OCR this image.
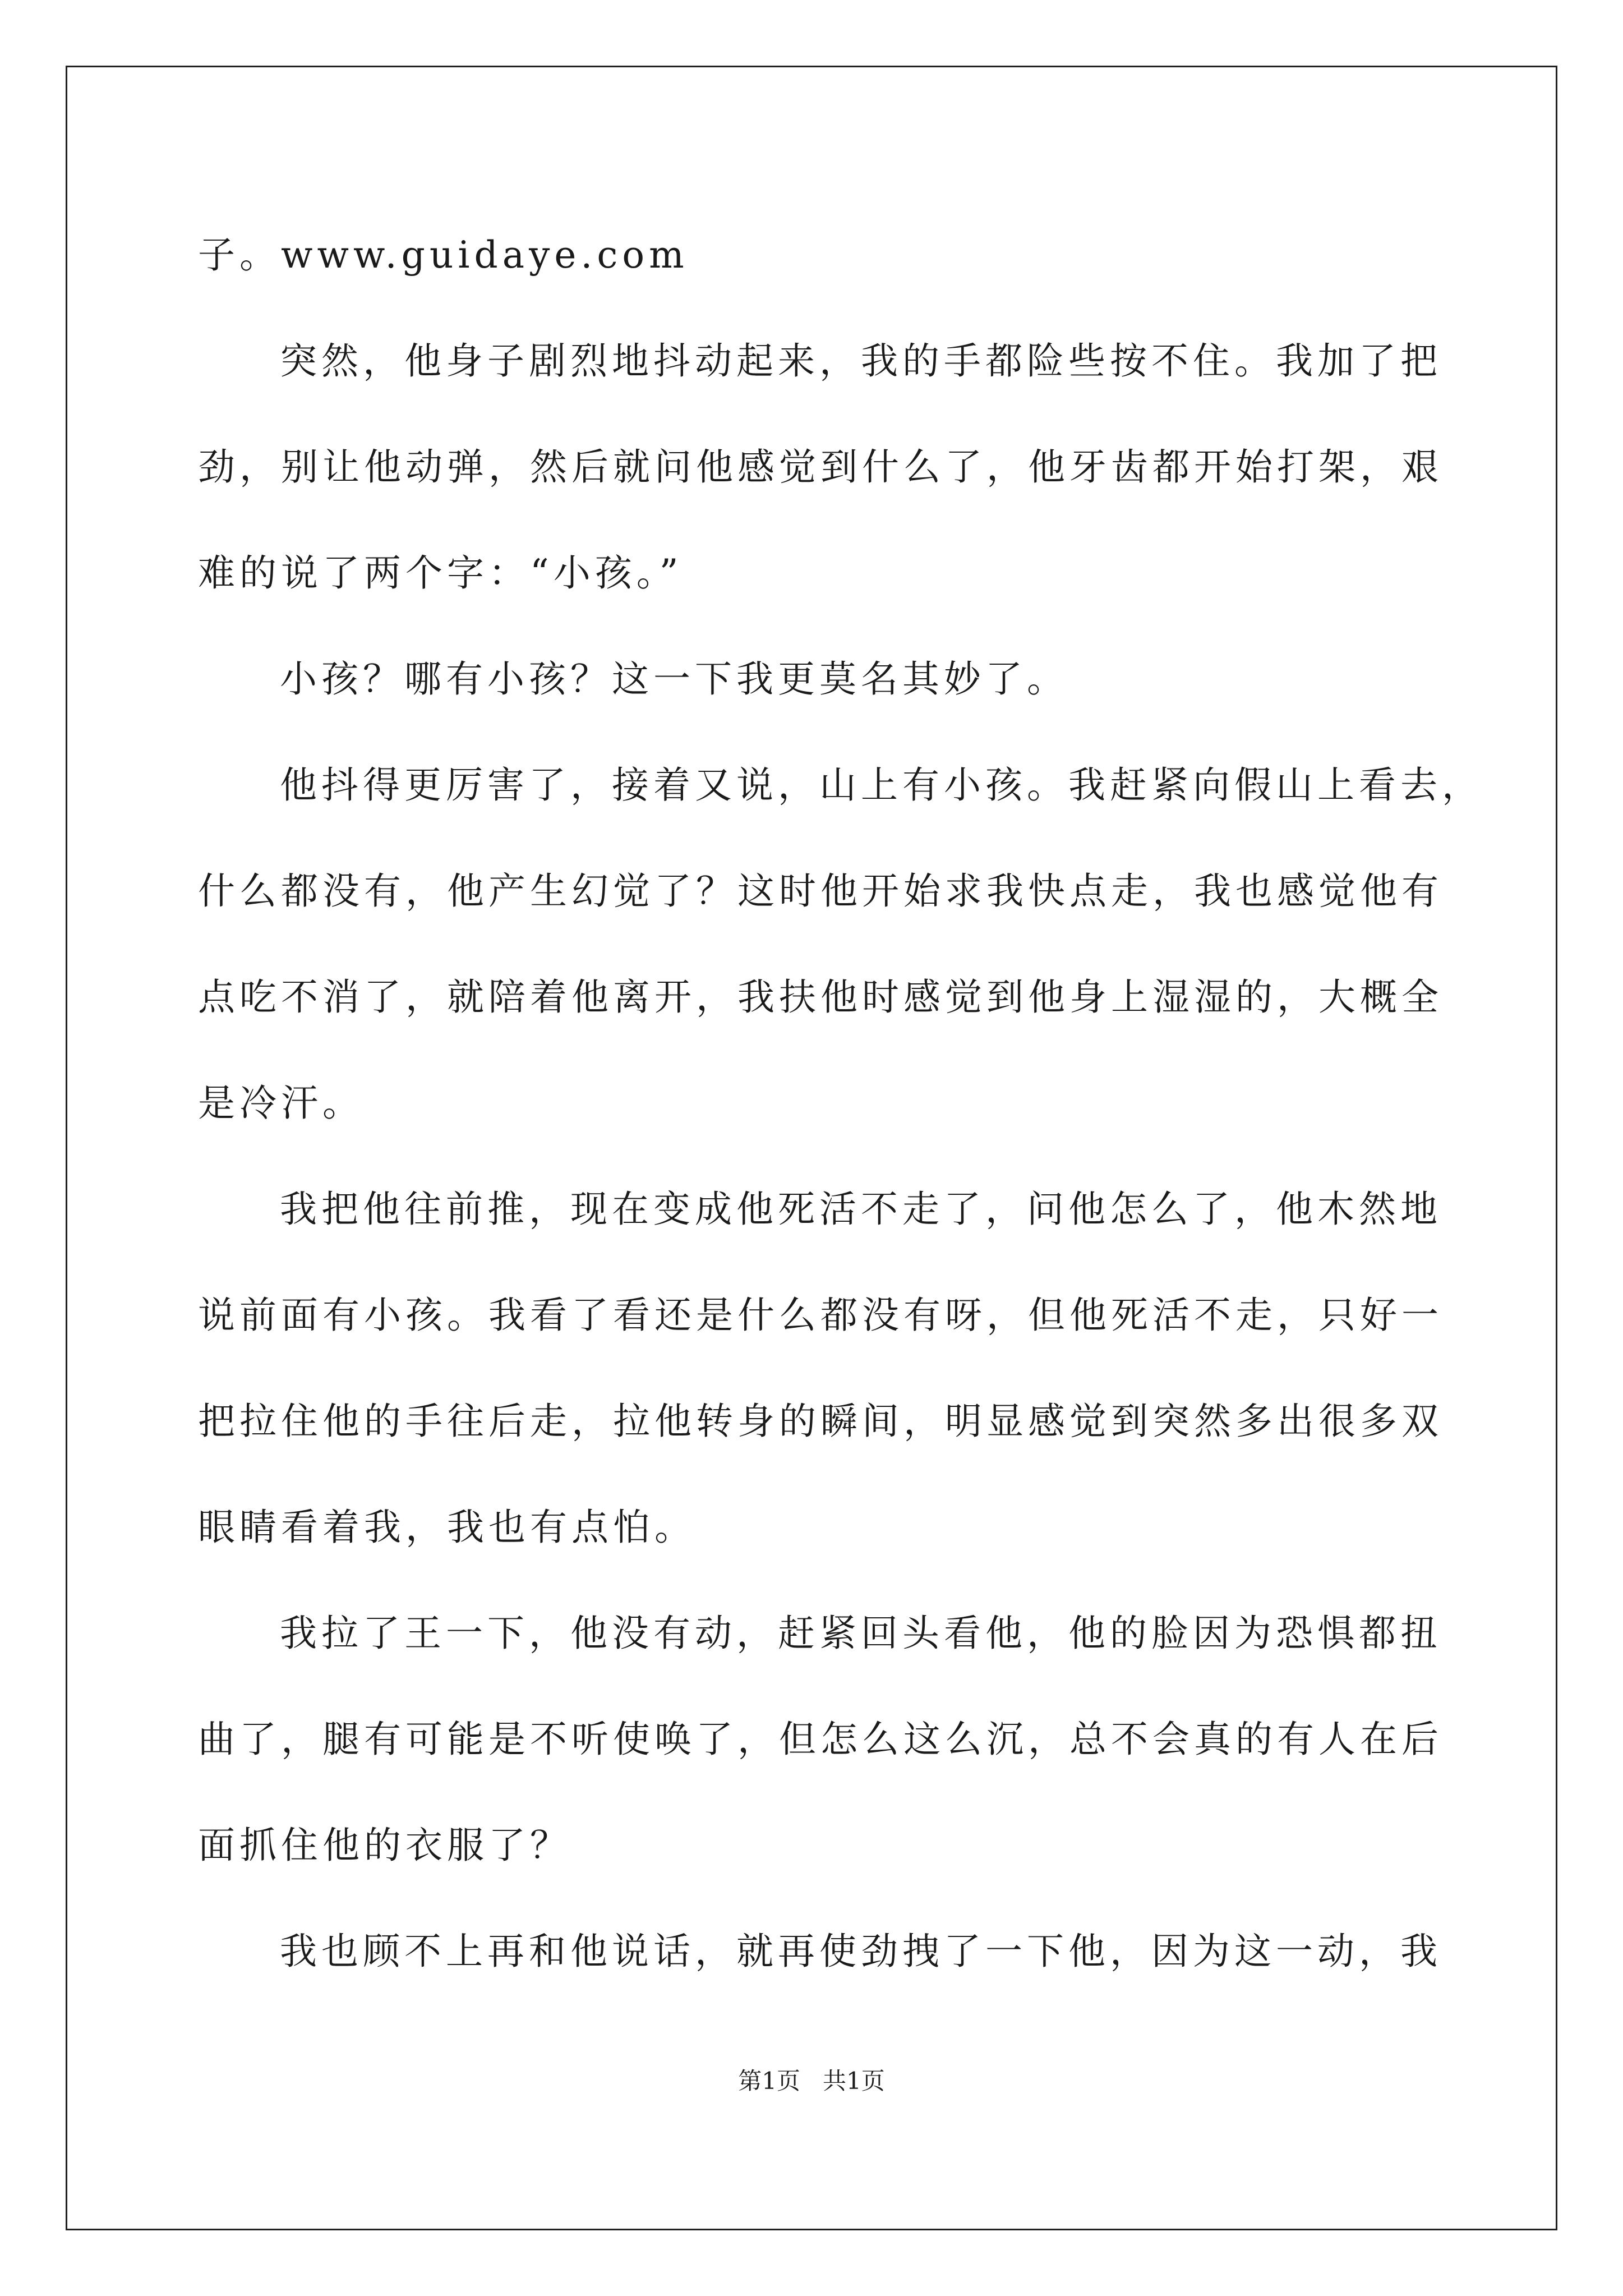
子。www.guidaye.com
突然，他身子剧烈地抖动起来，我的手都险些按不住。我加了把
劲，别让他动弹，然后就问他感觉到什么了，他牙齿都开始打架，艰
难的说了两个字：“小孩。”
小孩？哪有小孩？这一下我更莫名其妙了。
他抖得更厉害了，接着又说，山上有小孩。我赶紧向假山上看去，
什么都没有，他产生幻觉了？这时他开始求我快点走，我也感觉他有
点吃不消了，就陪着他离开，我扶他时感觉到他身上湿湿的，大概全
是冷汗。
我把他往前推，现在变成他死活不走了，问他怎么了，他木然地
说前面有小孩。我看了看还是什么都没有呀，但他死活不走，只好一
把拉住他的手往后走，拉他转身的瞬间，明显感觉到突然多出很多双
眼睛看着我，我也有点怕。
我拉了王一下，他没有动，赶紧回头看他，他的脸因为恐惧都扭
曲了，腿有可能是不听使唤了，但怎么这么沉，总不会真的有人在后
面抓住他的衣服了？
我也顾不上再和他说话，就再使劲拽了一下他，因为这一动，我
第1页   共1页
